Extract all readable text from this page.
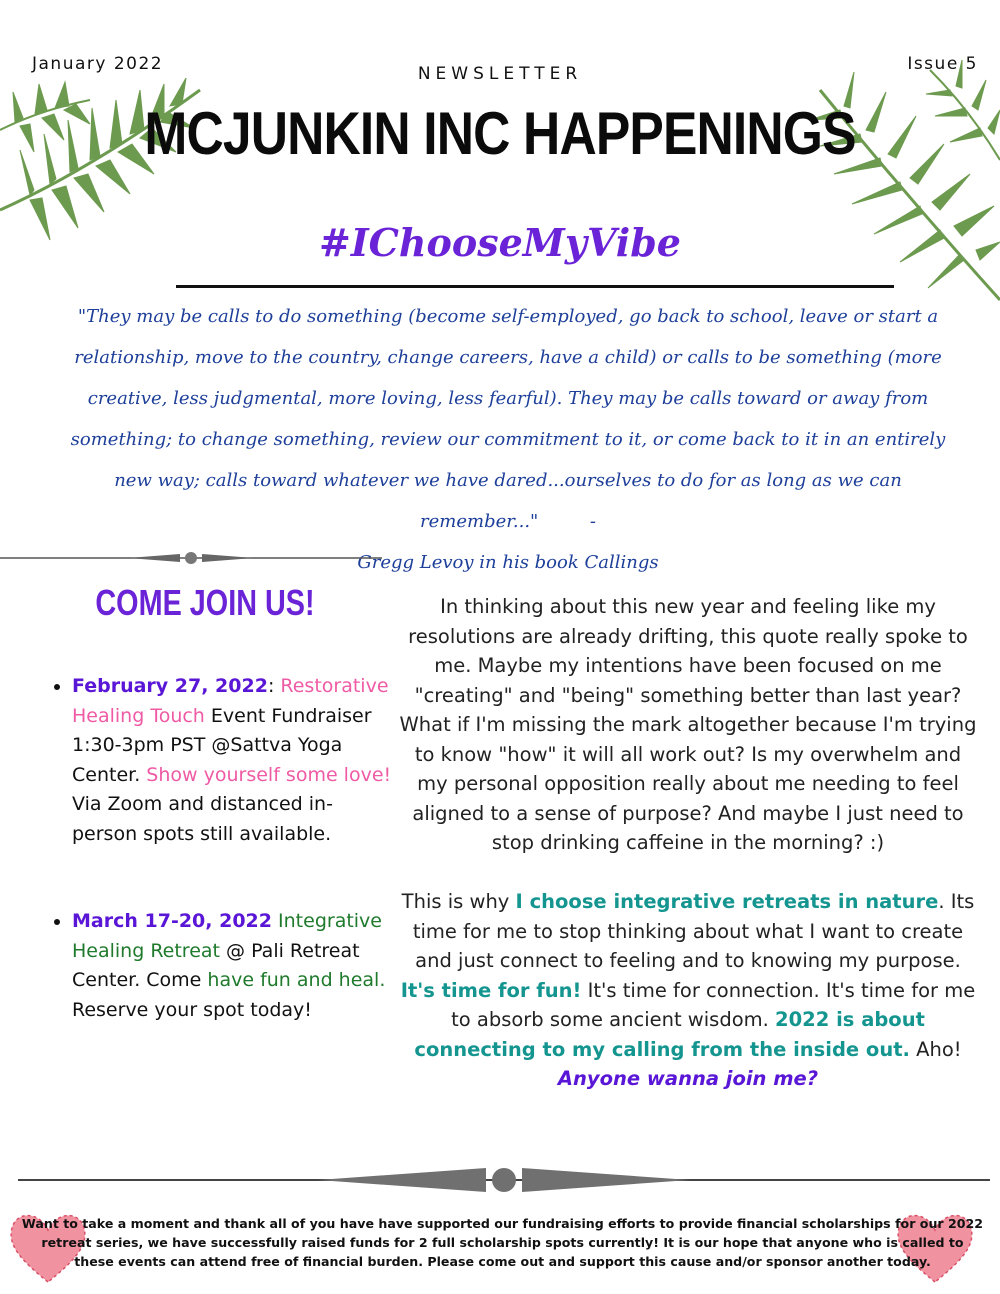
January 2022	Issue 5
NEWSLETTER
MCJUNKIN INC HAPPENINGS
#IChooseMyVibe
"They may be calls to do something (become self-employed, go back to school, leave or start a relationship, move to the country, change careers, have a child) or calls to be something (more creative, less judgmental, more loving, less fearful). They may be calls toward or away from something; to change something, review our commitment to it, or come back to it in an entirely new way; calls toward whatever we have dared...ourselves to do for as long as we can remember..."	-
Gregg Levoy in his book Callings
COME JOIN US!
• February 27, 2022: Restorative Healing Touch Event Fundraiser 1:30-3pm PST @Sattva Yoga Center. Show yourself some love! Via Zoom and distanced in-person spots still available.
• March 17-20, 2022 Integrative Healing Retreat @ Pali Retreat Center. Come have fun and heal. Reserve your spot today!

In thinking about this new year and feeling like my resolutions are already drifting, this quote really spoke to me. Maybe my intentions have been focused on me "creating" and "being" something better than last year? What if I'm missing the mark altogether because I'm trying to know "how" it will all work out? Is my overwhelm and my personal opposition really about me needing to feel aligned to a sense of purpose? And maybe I just need to stop drinking caffeine in the morning? :)

This is why I choose integrative retreats in nature. Its time for me to stop thinking about what I want to create and just connect to feeling and to knowing my purpose. It's time for fun! It's time for connection. It's time for me to absorb some ancient wisdom. 2022 is about connecting to my calling from the inside out. Aho!
Anyone wanna join me?

Want to take a moment and thank all of you have have supported our fundraising efforts to provide financial scholarships for our 2022 retreat series, we have successfully raised funds for 2 full scholarship spots currently! It is our hope that anyone who is called to these events can attend free of financial burden. Please come out and support this cause and/or sponsor another today.
